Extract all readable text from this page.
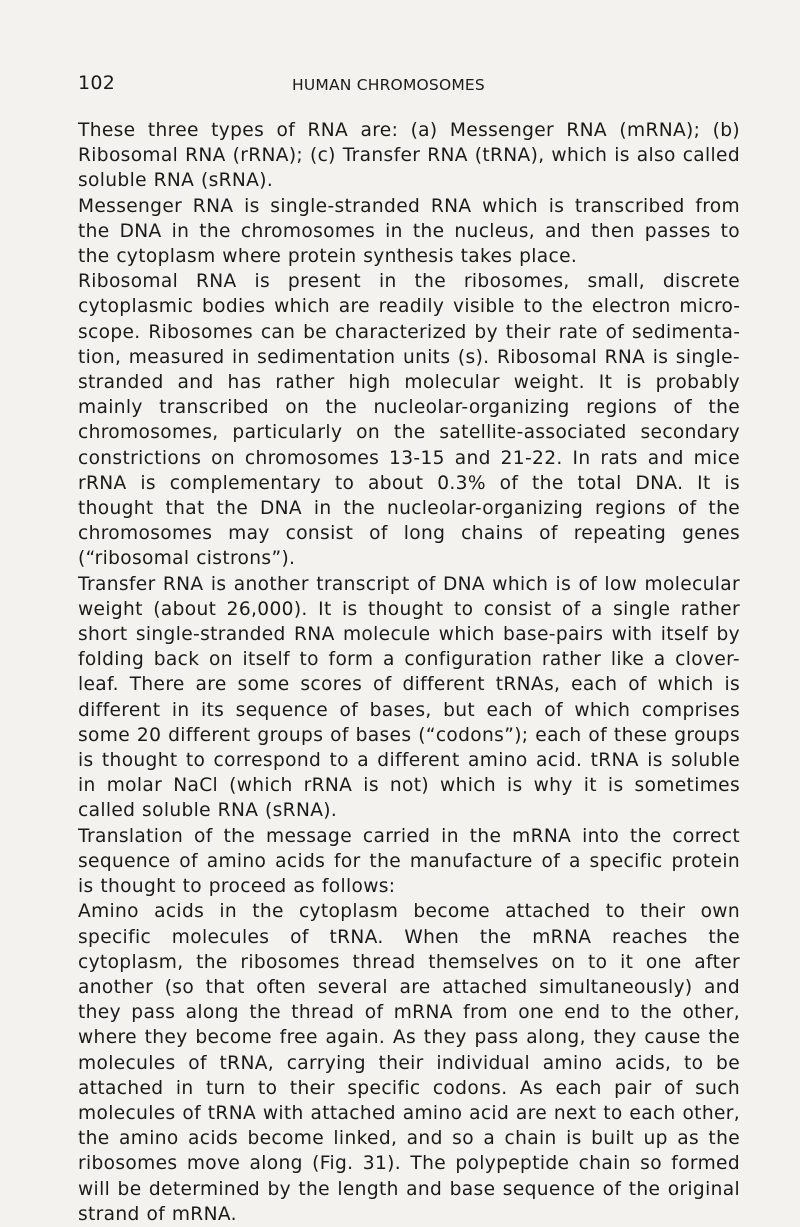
102	HUMAN CHROMOSOMES

These three types of RNA are: (a) Messenger RNA (mRNA); (b) Ribosomal RNA (rRNA); (c) Transfer RNA (tRNA), which is also called soluble RNA (sRNA).

Messenger RNA is single-stranded RNA which is transcribed from the DNA in the chromosomes in the nucleus, and then passes to the cytoplasm where protein synthesis takes place.

Ribosomal RNA is present in the ribosomes, small, discrete cytoplasmic bodies which are readily visible to the electron microscope. Ribosomes can be characterized by their rate of sedimentation, measured in sedimentation units (s). Ribosomal RNA is single-stranded and has rather high molecular weight. It is probably mainly transcribed on the nucleolar-organizing regions of the chromosomes, particularly on the satellite-associated secondary constrictions on chromosomes 13-15 and 21-22. In rats and mice rRNA is complementary to about 0.3% of the total DNA. It is thought that the DNA in the nucleolar-organizing regions of the chromosomes may consist of long chains of repeating genes (“ribosomal cistrons”).

Transfer RNA is another transcript of DNA which is of low molecular weight (about 26,000). It is thought to consist of a single rather short single-stranded RNA molecule which base-pairs with itself by folding back on itself to form a configuration rather like a clover-leaf. There are some scores of different tRNAs, each of which is different in its sequence of bases, but each of which comprises some 20 different groups of bases (“codons”); each of these groups is thought to correspond to a different amino acid. tRNA is soluble in molar NaCl (which rRNA is not) which is why it is sometimes called soluble RNA (sRNA).

Translation of the message carried in the mRNA into the correct sequence of amino acids for the manufacture of a specific protein is thought to proceed as follows:

Amino acids in the cytoplasm become attached to their own specific molecules of tRNA. When the mRNA reaches the cytoplasm, the ribosomes thread themselves on to it one after another (so that often several are attached simultaneously) and they pass along the thread of mRNA from one end to the other, where they become free again. As they pass along, they cause the molecules of tRNA, carrying their individual amino acids, to be attached in turn to their specific codons. As each pair of such molecules of tRNA with attached amino acid are next to each other, the amino acids become linked, and so a chain is built up as the ribosomes move along (Fig. 31). The polypeptide chain so formed will be determined by the length and base sequence of the original strand of mRNA.
